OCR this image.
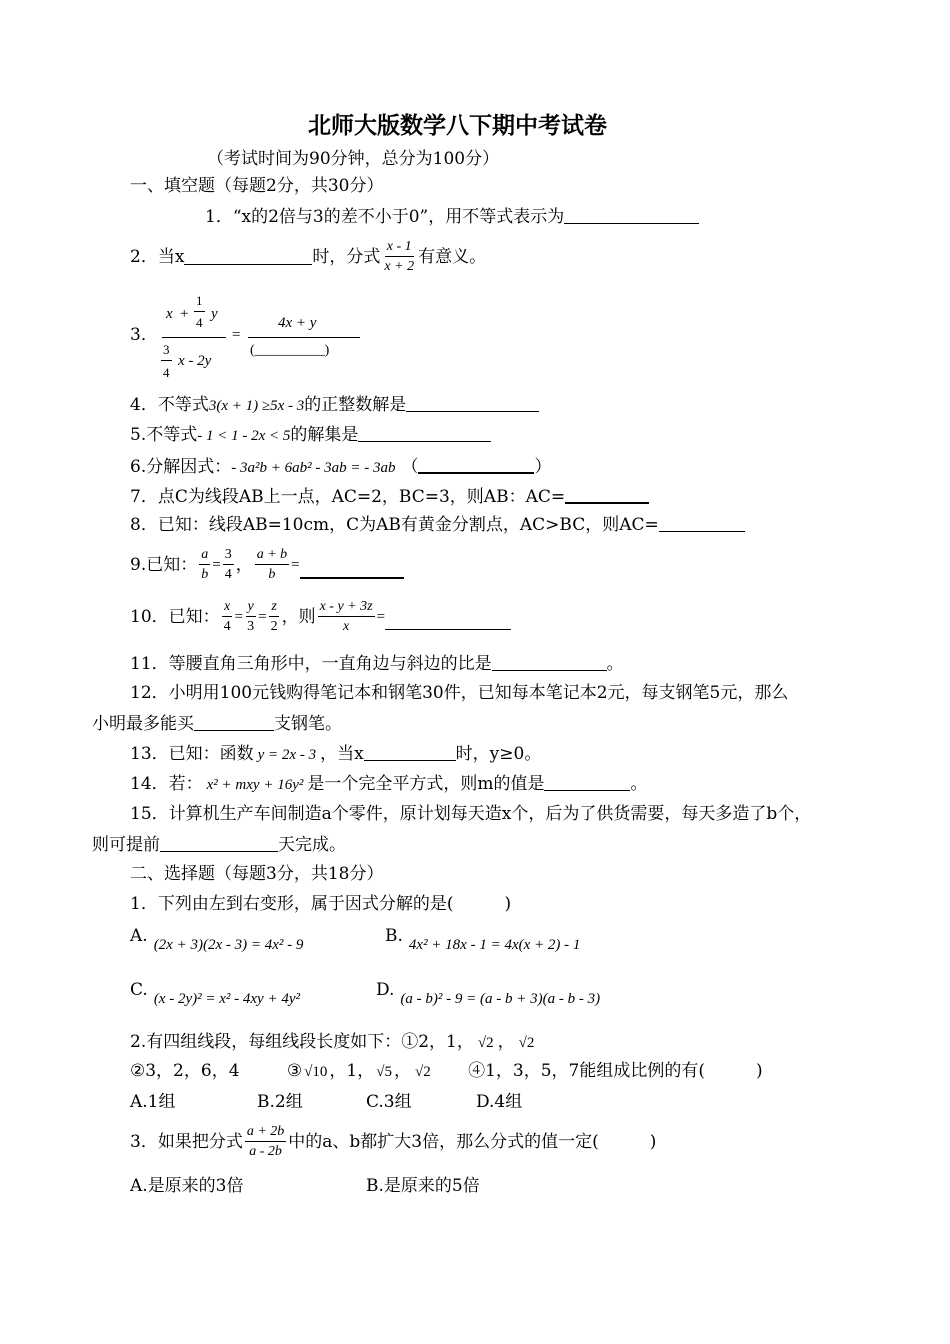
北师大版数学八下期中考试卷
（考试时间为90分钟，总分为100分）
一、填空题（每题2分，共30分）
1．“x的2倍与3的差不小于0”，用不等式表示为
2．当x	时，分式 $\frac{x - 1}{x + 2}$ 有意义。
3．
x +
1
4
y
3
4
x - 2y
=
4x + y
(__________)
4．不等式3(x + 1) ≥5x - 3的正整数解是
5.不等式- 1 < 1 - 2x < 5的解集是
6.分解因式：- 3a²b + 6ab² - 3ab = - 3ab （	）
7．点C为线段AB上一点，AC=2，BC=3，则AB：AC=
8．已知：线段AB=10cm，C为AB有黄金分割点，AC>BC，则AC=
9.已知： $\frac{a}{b} = \frac{3}{4}$ ， $\frac{a + b}{b}$ =
10．已知： $\frac{x}{4} = \frac{y}{3} = \frac{z}{2}$ ，则 $\frac{x - y + 3z}{x}$ =
11．等腰直角三角形中，一直角边与斜边的比是	。
12．小明用100元钱购得笔记本和钢笔30件，已知每本笔记本2元，每支钢笔5元，那么
小明最多能买	支钢笔。
13．已知：函数 y = 2x - 3 ，当x	时，y≥0。
14．若： x² + mxy + 16y² 是一个完全平方式，则m的值是	。
15．计算机生产车间制造a个零件，原计划每天造x个，后为了供货需要，每天多造了b个，
则可提前	天完成。
二、选择题（每题3分，共18分）
1．下列由左到右变形，属于因式分解的是(　　　)
A. (2x + 3)(2x - 3) = 4x² - 9	B. 4x² + 18x - 1 = 4x(x + 2) - 1
C. (x - 2y)² = x² - 4xy + 4y²	D. (a - b)² - 9 = (a - b + 3)(a - b - 3)
2.有四组线段，每组线段长度如下：①2，1， √2 ， √2
②3，2，6，4	③ √10 ，1， √5 ， √2 ④1，3，5，7能组成比例的有(　　　)
A.1组	B.2组	C.3组	D.4组
3．如果把分式 $\frac{a + 2b}{a - 2b}$ 中的a、b都扩大3倍，那么分式的值一定(　　　)
A.是原来的3倍	B.是原来的5倍
